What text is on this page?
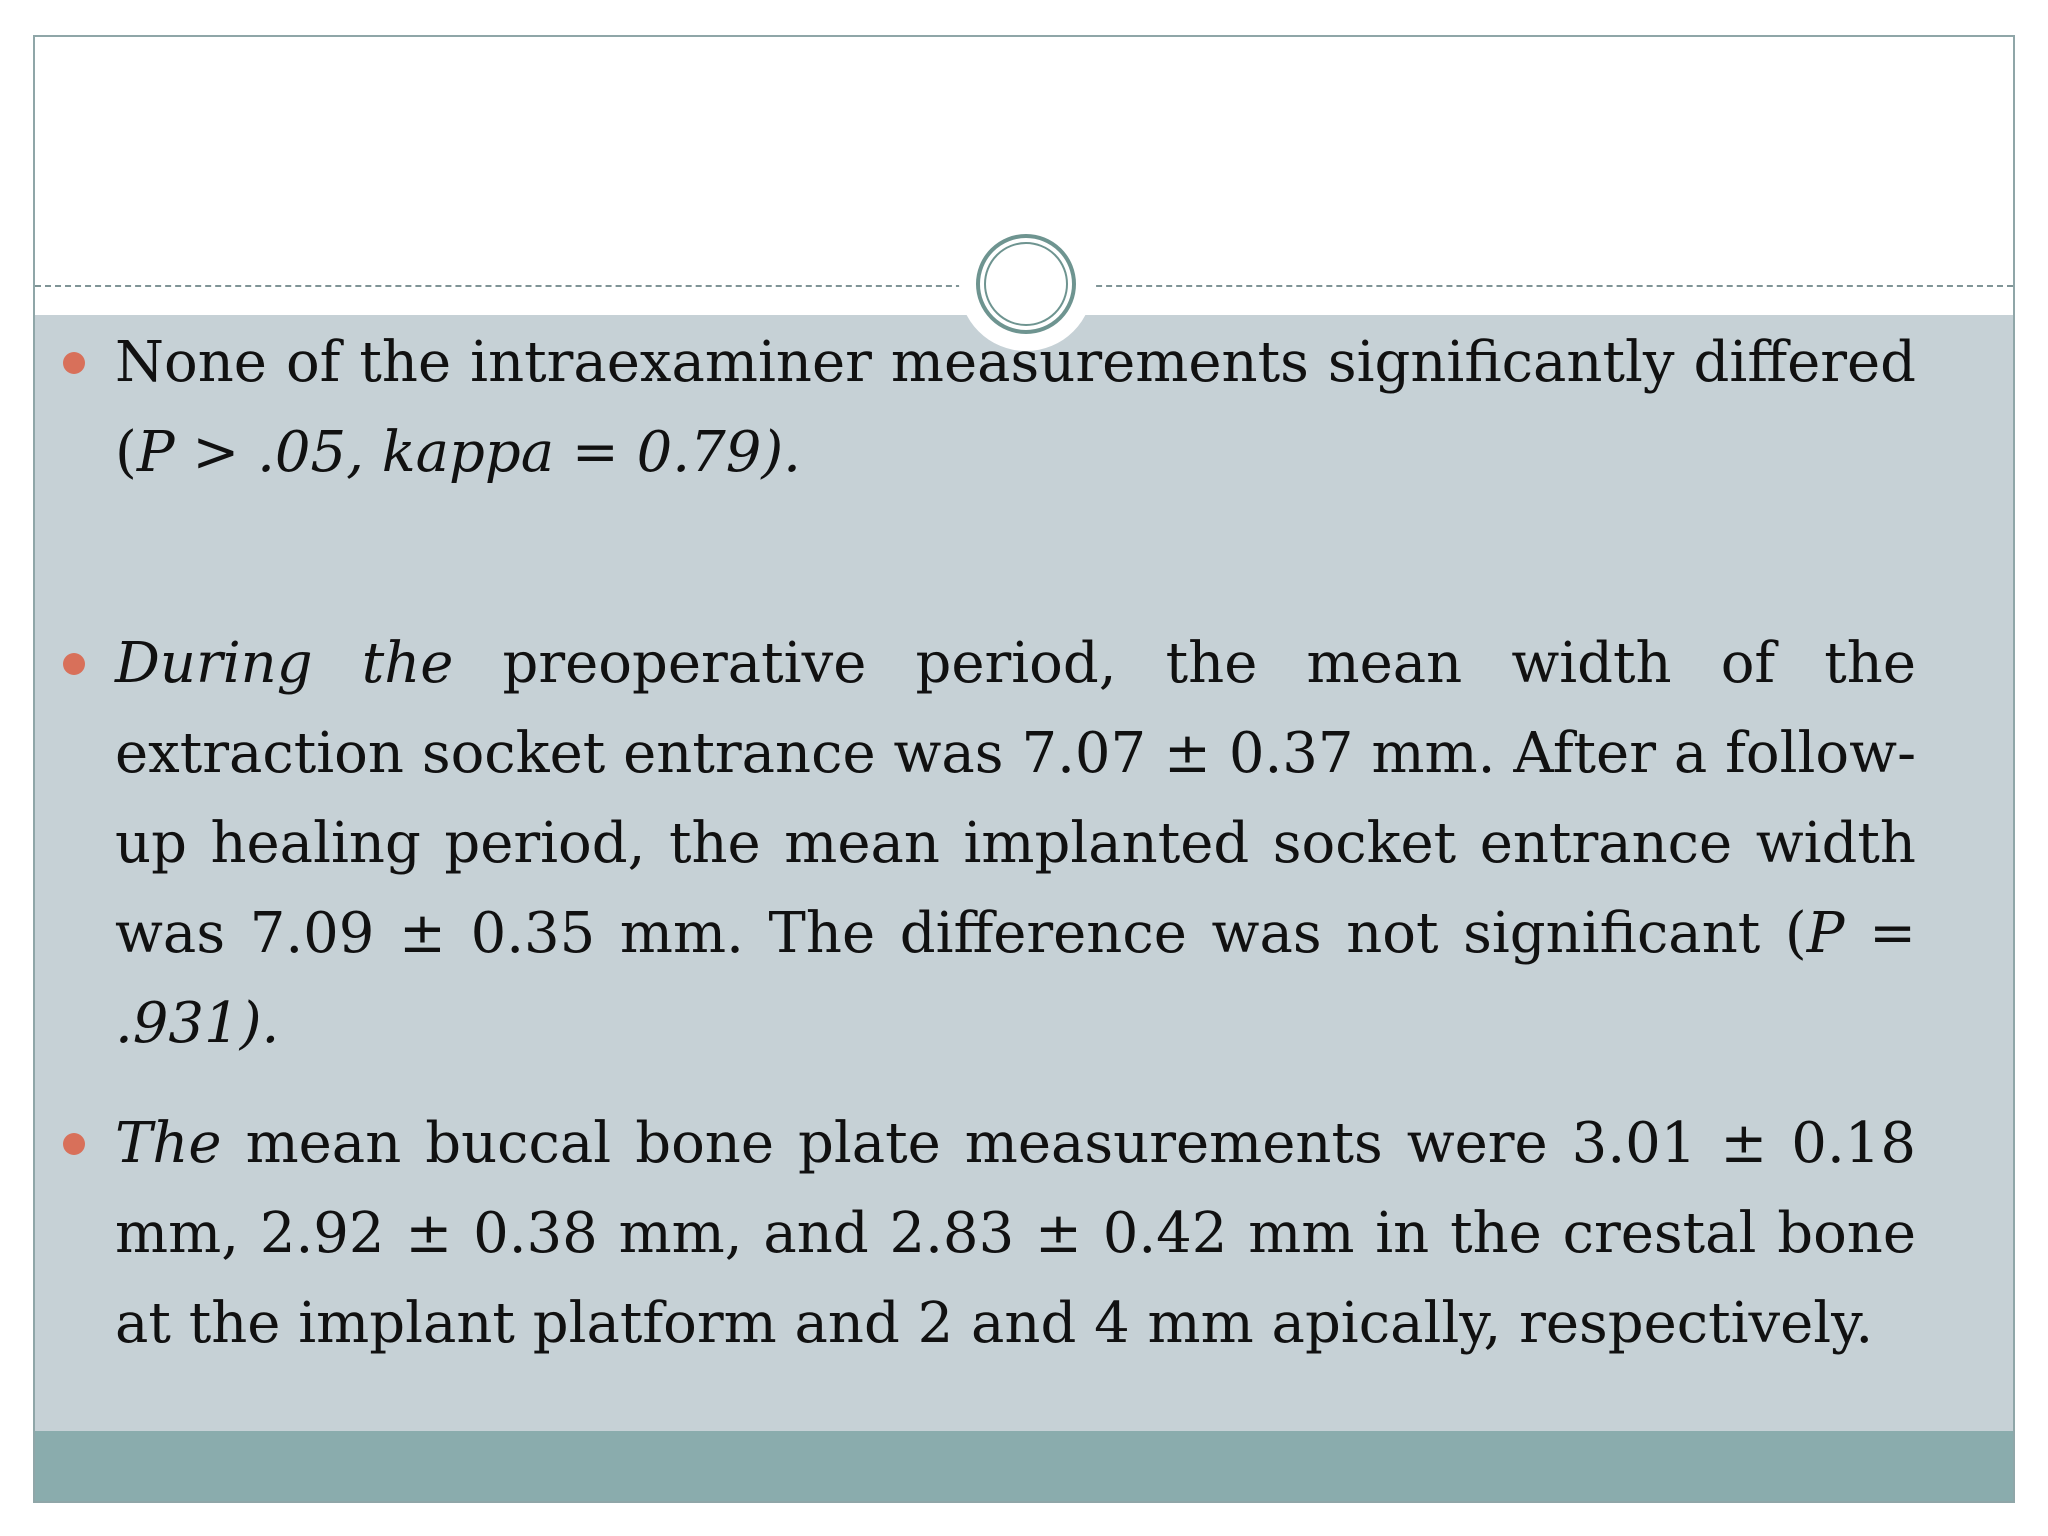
None of the intraexaminer measurements significantly differed (P > .05, kappa = 0.79).
During the preoperative period, the mean width of the extraction socket entrance was 7.07 ± 0.37 mm. After a follow-up healing period, the mean implanted socket entrance width was 7.09 ± 0.35 mm. The difference was not significant (P = .931).
The mean buccal bone plate measurements were 3.01 ± 0.18 mm, 2.92 ± 0.38 mm, and 2.83 ± 0.42 mm in the crestal bone at the implant platform and 2 and 4 mm apically, respectively.
